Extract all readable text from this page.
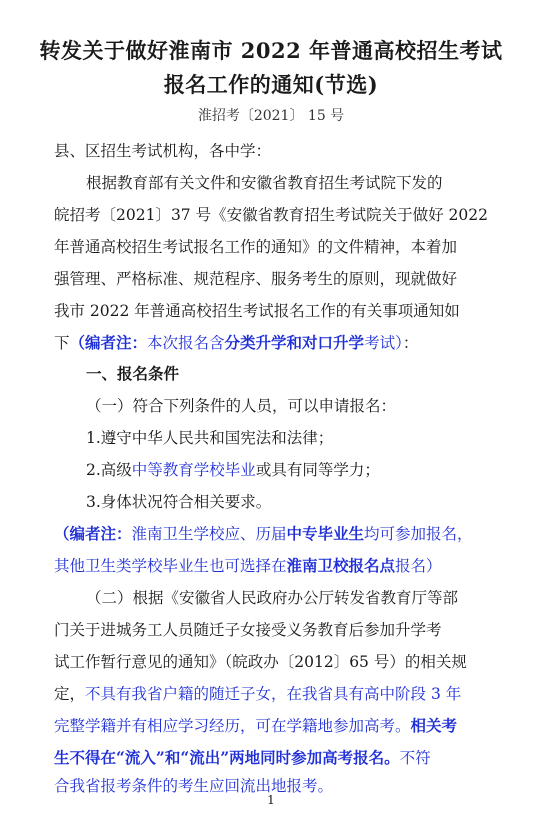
转发关于做好淮南市 2022 年普通高校招生考试
报名工作的通知(节选)
淮招考〔2021〕 15 号
县、区招生考试机构，各中学：
根据教育部有关文件和安徽省教育招生考试院下发的
皖招考〔2021〕37 号《安徽省教育招生考试院关于做好 2022
年普通高校招生考试报名工作的通知》的文件精神，本着加
强管理、严格标准、规范程序、服务考生的原则，现就做好
我市 2022 年普通高校招生考试报名工作的有关事项通知如
下（编者注：本次报名含分类升学和对口升学考试）：
一、报名条件
（一）符合下列条件的人员，可以申请报名：
1.遵守中华人民共和国宪法和法律；
2.高级中等教育学校毕业或具有同等学力；
3.身体状况符合相关要求。
（编者注：淮南卫生学校应、历届中专毕业生均可参加报名，
其他卫生类学校毕业生也可选择在淮南卫校报名点报名）
（二）根据《安徽省人民政府办公厅转发省教育厅等部
门关于进城务工人员随迁子女接受义务教育后参加升学考
试工作暂行意见的通知》（皖政办〔2012〕65 号）的相关规
定，不具有我省户籍的随迁子女，在我省具有高中阶段 3 年
完整学籍并有相应学习经历，可在学籍地参加高考。相关考
生不得在“流入”和“流出”两地同时参加高考报名。不符
合我省报考条件的考生应回流出地报考。
1
